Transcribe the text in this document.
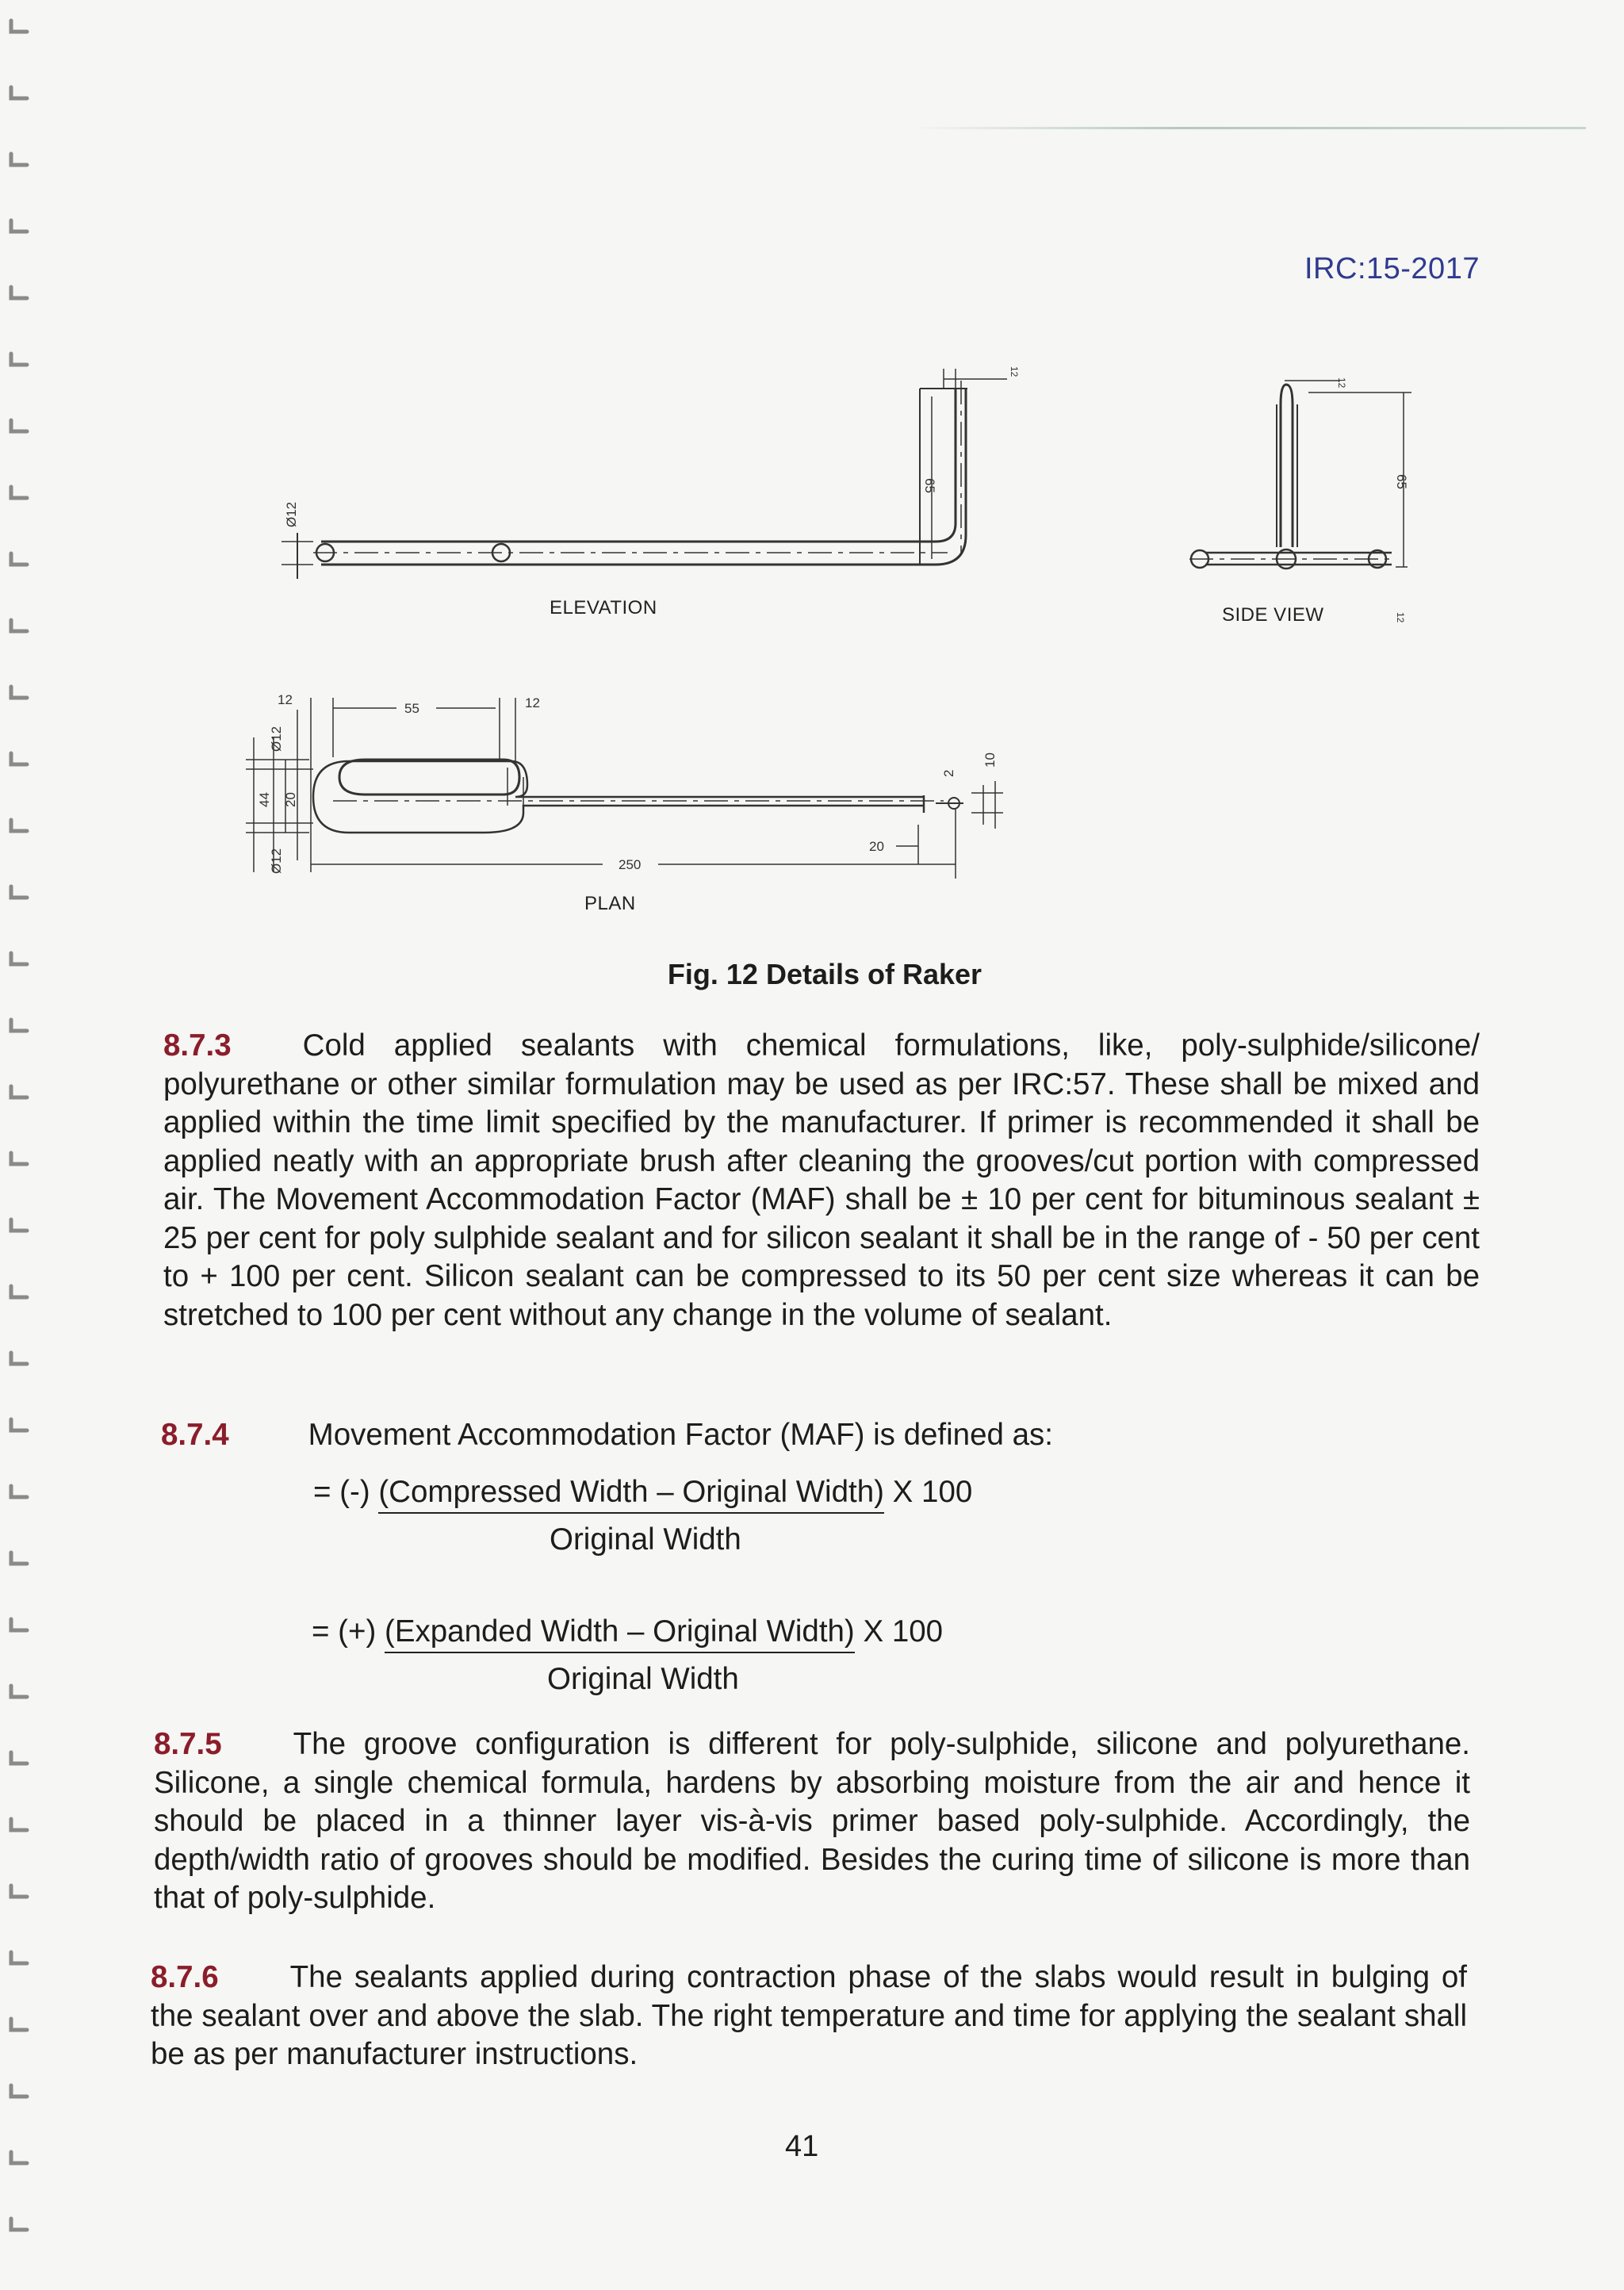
IRC:15-2017
Ø12
65
12
65
12
12
12
55	12
Ø12
20
44
Ø12	250
20
2
10
ELEVATION	SIDE VIEW
PLAN
Fig. 12 Details of Raker

8.7.3 Cold applied sealants with chemical formulations, like, poly-sulphide/silicone/ polyurethane or other similar formulation may be used as per IRC:57. These shall be mixed and applied within the time limit specified by the manufacturer. If primer is recommended it shall be applied neatly with an appropriate brush after cleaning the grooves/cut portion with compressed air. The Movement Accommodation Factor (MAF) shall be ± 10 per cent for bituminous sealant ± 25 per cent for poly sulphide sealant and for silicon sealant it shall be in the range of - 50 per cent to + 100 per cent. Silicon sealant can be compressed to its 50 per cent size whereas it can be stretched to 100 per cent without any change in the volume of sealant.

8.7.4	Movement Accommodation Factor (MAF) is defined as:

= (-) (Compressed Width – Original Width) X 100
Original Width
= (+) (Expanded Width – Original Width) X 100
Original Width

8.7.5 The groove configuration is different for poly-sulphide, silicone and polyurethane. Silicone, a single chemical formula, hardens by absorbing moisture from the air and hence it should be placed in a thinner layer vis-à-vis primer based poly-sulphide. Accordingly, the depth/width ratio of grooves should be modified. Besides the curing time of silicone is more than that of poly-sulphide.

8.7.6 The sealants applied during contraction phase of the slabs would result in bulging of the sealant over and above the slab. The right temperature and time for applying the sealant shall be as per manufacturer instructions.

41
